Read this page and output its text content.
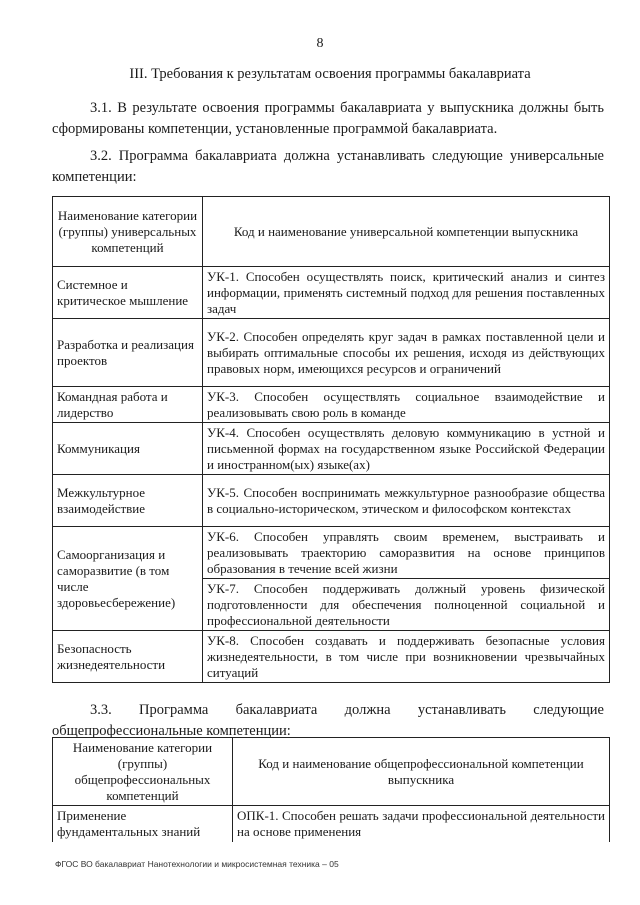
8
III. Требования к результатам освоения программы бакалавриата
3.1. В результате освоения программы бакалавриата у выпускника должны быть сформированы компетенции, установленные программой бакалавриата.
3.2. Программа бакалавриата должна устанавливать следующие универсальные компетенции:
Наименование категории (группы) универсальных компетенций	Код и наименование универсальной компетенции выпускника
Системное и критическое мышление	УК-1. Способен осуществлять поиск, критический анализ и синтез информации, применять системный подход для решения поставленных задач
Разработка и реализация проектов	УК-2. Способен определять круг задач в рамках поставленной цели и выбирать оптимальные способы их решения, исходя из действующих правовых норм, имеющихся ресурсов и ограничений
Командная работа и лидерство	УК-3. Способен осуществлять социальное взаимодействие и реализовывать свою роль в команде
Коммуникация	УК-4. Способен осуществлять деловую коммуникацию в устной и письменной формах на государственном языке Российской Федерации и иностранном(ых) языке(ах)
Межкультурное взаимодействие	УК-5. Способен воспринимать межкультурное разнообразие общества в социально-историческом, этическом и философском контекстах
Самоорганизация и саморазвитие (в том числе здоровьесбережение)	УК-6. Способен управлять своим временем, выстраивать и реализовывать траекторию саморазвития на основе принципов образования в течение всей жизни
	УК-7. Способен поддерживать должный уровень физической подготовленности для обеспечения полноценной социальной и профессиональной деятельности
Безопасность жизнедеятельности	УК-8. Способен создавать и поддерживать безопасные условия жизнедеятельности, в том числе при возникновении чрезвычайных ситуаций
3.3. Программа бакалавриата должна устанавливать следующие общепрофессиональные компетенции:
Наименование категории (группы) общепрофессиональных компетенций	Код и наименование общепрофессиональной компетенции выпускника
Применение фундаментальных знаний	ОПК-1. Способен решать задачи профессиональной деятельности на основе применения
ФГОС ВО бакалавриат Нанотехнологии и микросистемная техника – 05
